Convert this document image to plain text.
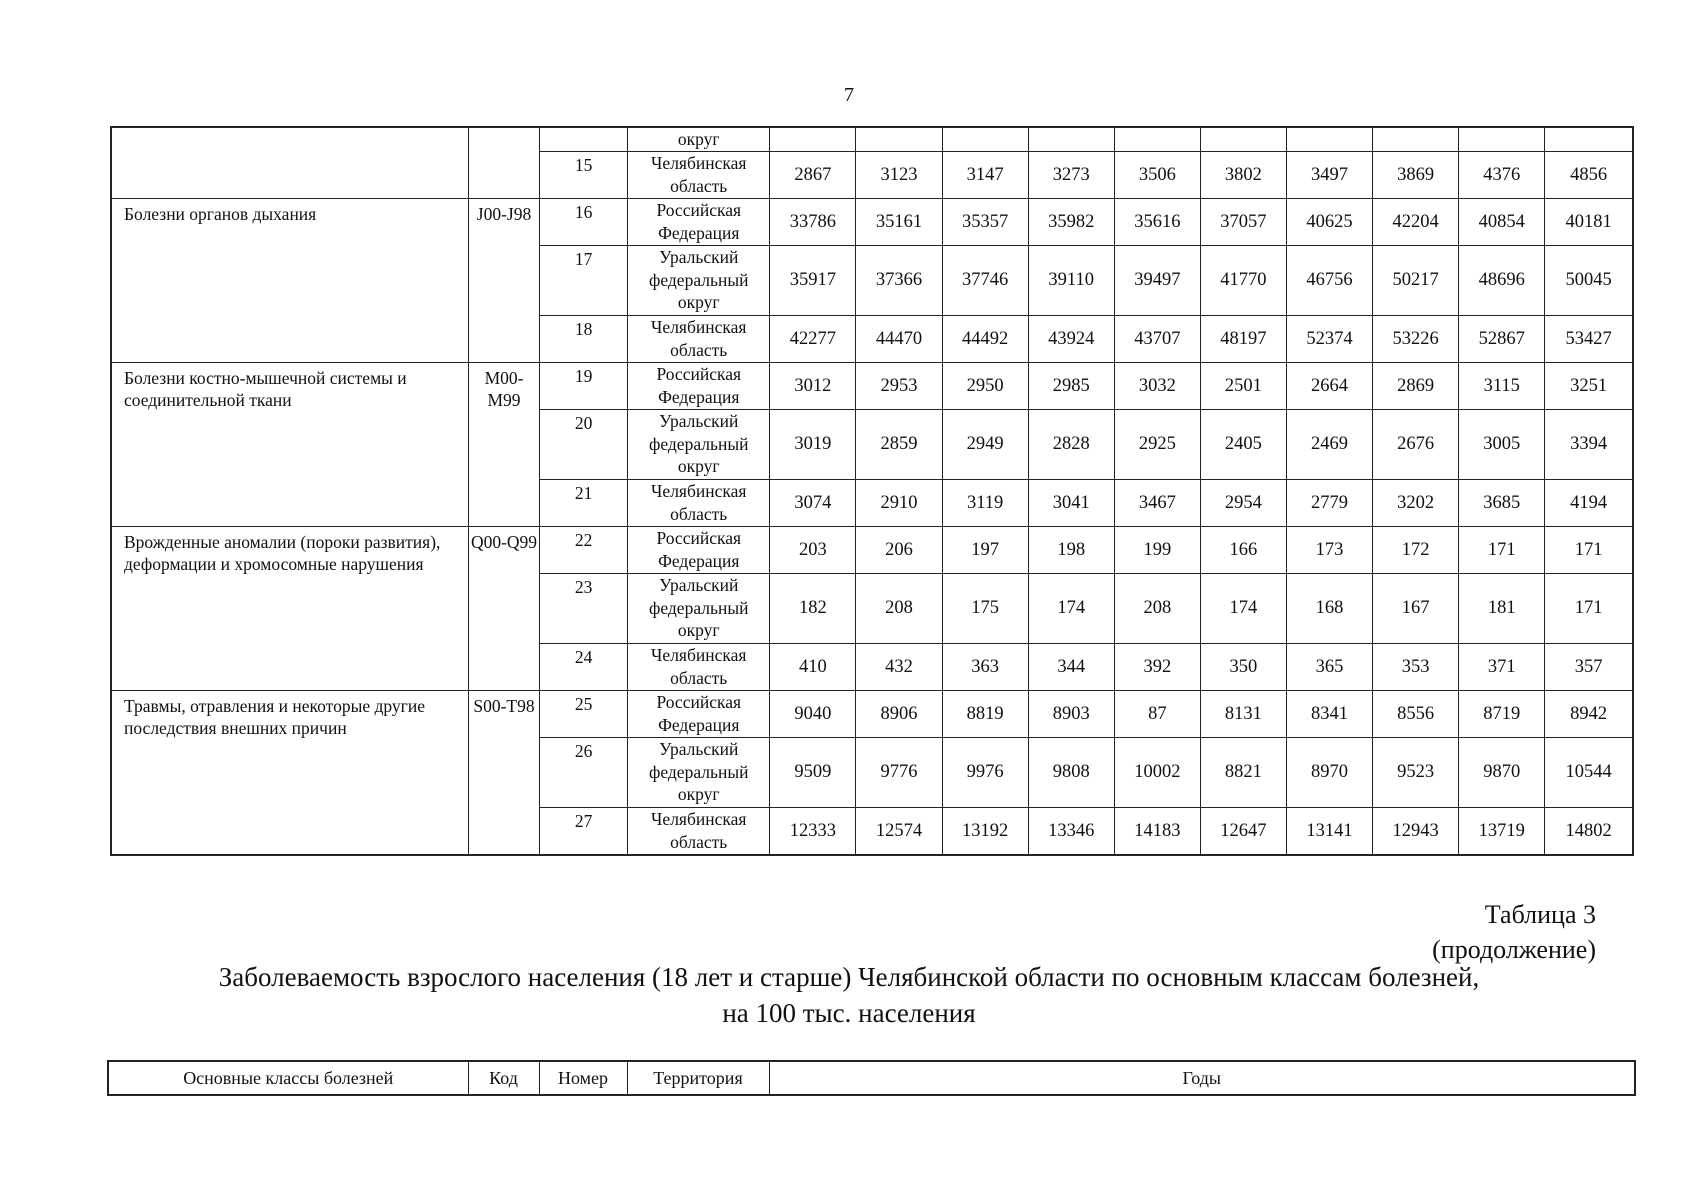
7
			округ										
		15	Челябинская область	2867	3123	3147	3273	3506	3802	3497	3869	4376	4856
Болезни органов дыхания	J00-J98	16	Российская Федерация	33786	35161	35357	35982	35616	37057	40625	42204	40854	40181
		17	Уральский федеральный округ	35917	37366	37746	39110	39497	41770	46756	50217	48696	50045
		18	Челябинская область	42277	44470	44492	43924	43707	48197	52374	53226	52867	53427
Болезни костно-мышечной системы и соединительной ткани	M00-M99	19	Российская Федерация	3012	2953	2950	2985	3032	2501	2664	2869	3115	3251
		20	Уральский федеральный округ	3019	2859	2949	2828	2925	2405	2469	2676	3005	3394
		21	Челябинская область	3074	2910	3119	3041	3467	2954	2779	3202	3685	4194
Врожденные аномалии (пороки развития), деформации и хромосомные нарушения	Q00-Q99	22	Российская Федерация	203	206	197	198	199	166	173	172	171	171
		23	Уральский федеральный округ	182	208	175	174	208	174	168	167	181	171
		24	Челябинская область	410	432	363	344	392	350	365	353	371	357
Травмы, отравления и некоторые другие последствия внешних причин	S00-T98	25	Российская Федерация	9040	8906	8819	8903	87	8131	8341	8556	8719	8942
		26	Уральский федеральный округ	9509	9776	9976	9808	10002	8821	8970	9523	9870	10544
		27	Челябинская область	12333	12574	13192	13346	14183	12647	13141	12943	13719	14802
Таблица 3
(продолжение)
Заболеваемость взрослого населения (18 лет и старше) Челябинской области по основным классам болезней,
на 100 тыс. населения
Основные классы болезней	Код	Номер	Территория	Годы
